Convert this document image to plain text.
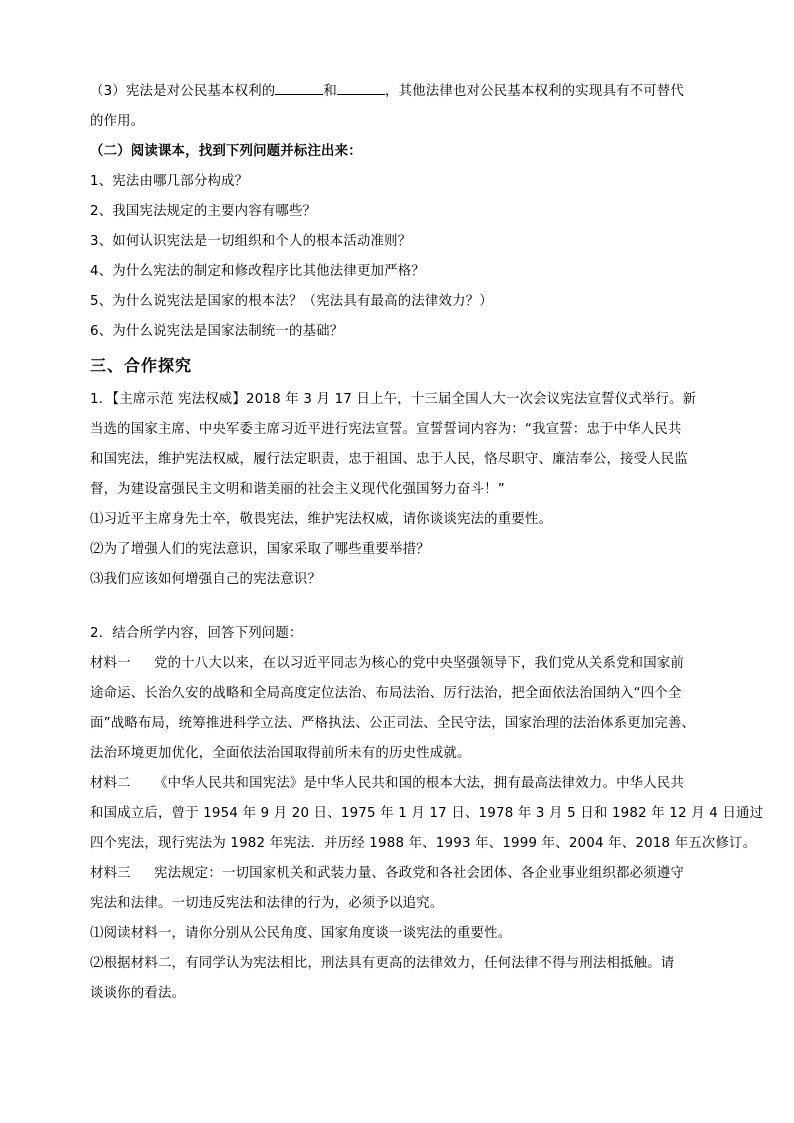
（3）宪法是对公民基本权利的	和	，其他法律也对公民基本权利的实现具有不可替代
的作用。
（二）阅读课本，找到下列问题并标注出来：
1、宪法由哪几部分构成？
2、我国宪法规定的主要内容有哪些？
3、如何认识宪法是一切组织和个人的根本活动准则？
4、为什么宪法的制定和修改程序比其他法律更加严格？
5、为什么说宪法是国家的根本法？（宪法具有最高的法律效力？）
6、为什么说宪法是国家法制统一的基础？
三、合作探究
1．【主席示范 宪法权威】2018 年 3 月 17 日上午，十三届全国人大一次会议宪法宣誓仪式举行。新
当选的国家主席、中央军委主席习近平进行宪法宣誓。宣誓誓词内容为：“我宣誓：忠于中华人民共
和国宪法，维护宪法权威，履行法定职责，忠于祖国、忠于人民，恪尽职守、廉洁奉公，接受人民监
督，为建设富强民主文明和谐美丽的社会主义现代化强国努力奋斗！”
⑴习近平主席身先士卒，敬畏宪法，维护宪法权威，请你谈谈宪法的重要性。
⑵为了增强人们的宪法意识，国家采取了哪些重要举措？
⑶我们应该如何增强自己的宪法意识？
2．结合所学内容，回答下列问题：
材料一 党的十八大以来，在以习近平同志为核心的党中央坚强领导下，我们党从关系党和国家前
途命运、长治久安的战略和全局高度定位法治、布局法治、厉行法治，把全面依法治国纳入“四个全
面”战略布局，统筹推进科学立法、严格执法、公正司法、全民守法，国家治理的法治体系更加完善、
法治环境更加优化，全面依法治国取得前所未有的历史性成就。
材料二 《中华人民共和国宪法》是中华人民共和国的根本大法，拥有最高法律效力。中华人民共
和国成立后，曾于 1954 年 9 月 20 日、1975 年 1 月 17 日、1978 年 3 月 5 日和 1982 年 12 月 4 日通过
四个宪法，现行宪法为 1982 年宪法．并历经 1988 年、1993 年、1999 年、2004 年、2018 年五次修订。
材料三 宪法规定：一切国家机关和武装力量、各政党和各社会团体、各企业事业组织都必须遵守
宪法和法律。一切违反宪法和法律的行为，必须予以追究。
⑴阅读材料一，请你分别从公民角度、国家角度谈一谈宪法的重要性。
⑵根据材料二，有同学认为宪法相比，刑法具有更高的法律效力，任何法律不得与刑法相抵触。请
谈谈你的看法。
